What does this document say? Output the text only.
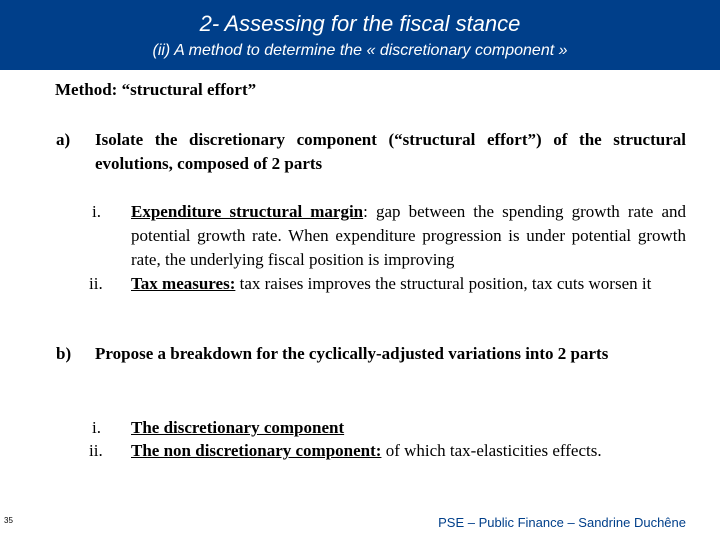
2- Assessing for the fiscal stance
(ii) A method to determine the « discretionary component »
Method: “structural effort”
a) Isolate the discretionary component (“structural effort”) of the structural evolutions, composed of 2 parts
i. Expenditure structural margin: gap between the spending growth rate and potential growth rate. When expenditure progression is under potential growth rate, the underlying fiscal position is improving
ii. Tax measures: tax raises improves the structural position, tax cuts worsen it
b) Propose a breakdown for the cyclically-adjusted variations into 2 parts
i. The discretionary component
ii. The non discretionary component: of which tax-elasticities effects.
35	PSE – Public Finance – Sandrine Duchêne
